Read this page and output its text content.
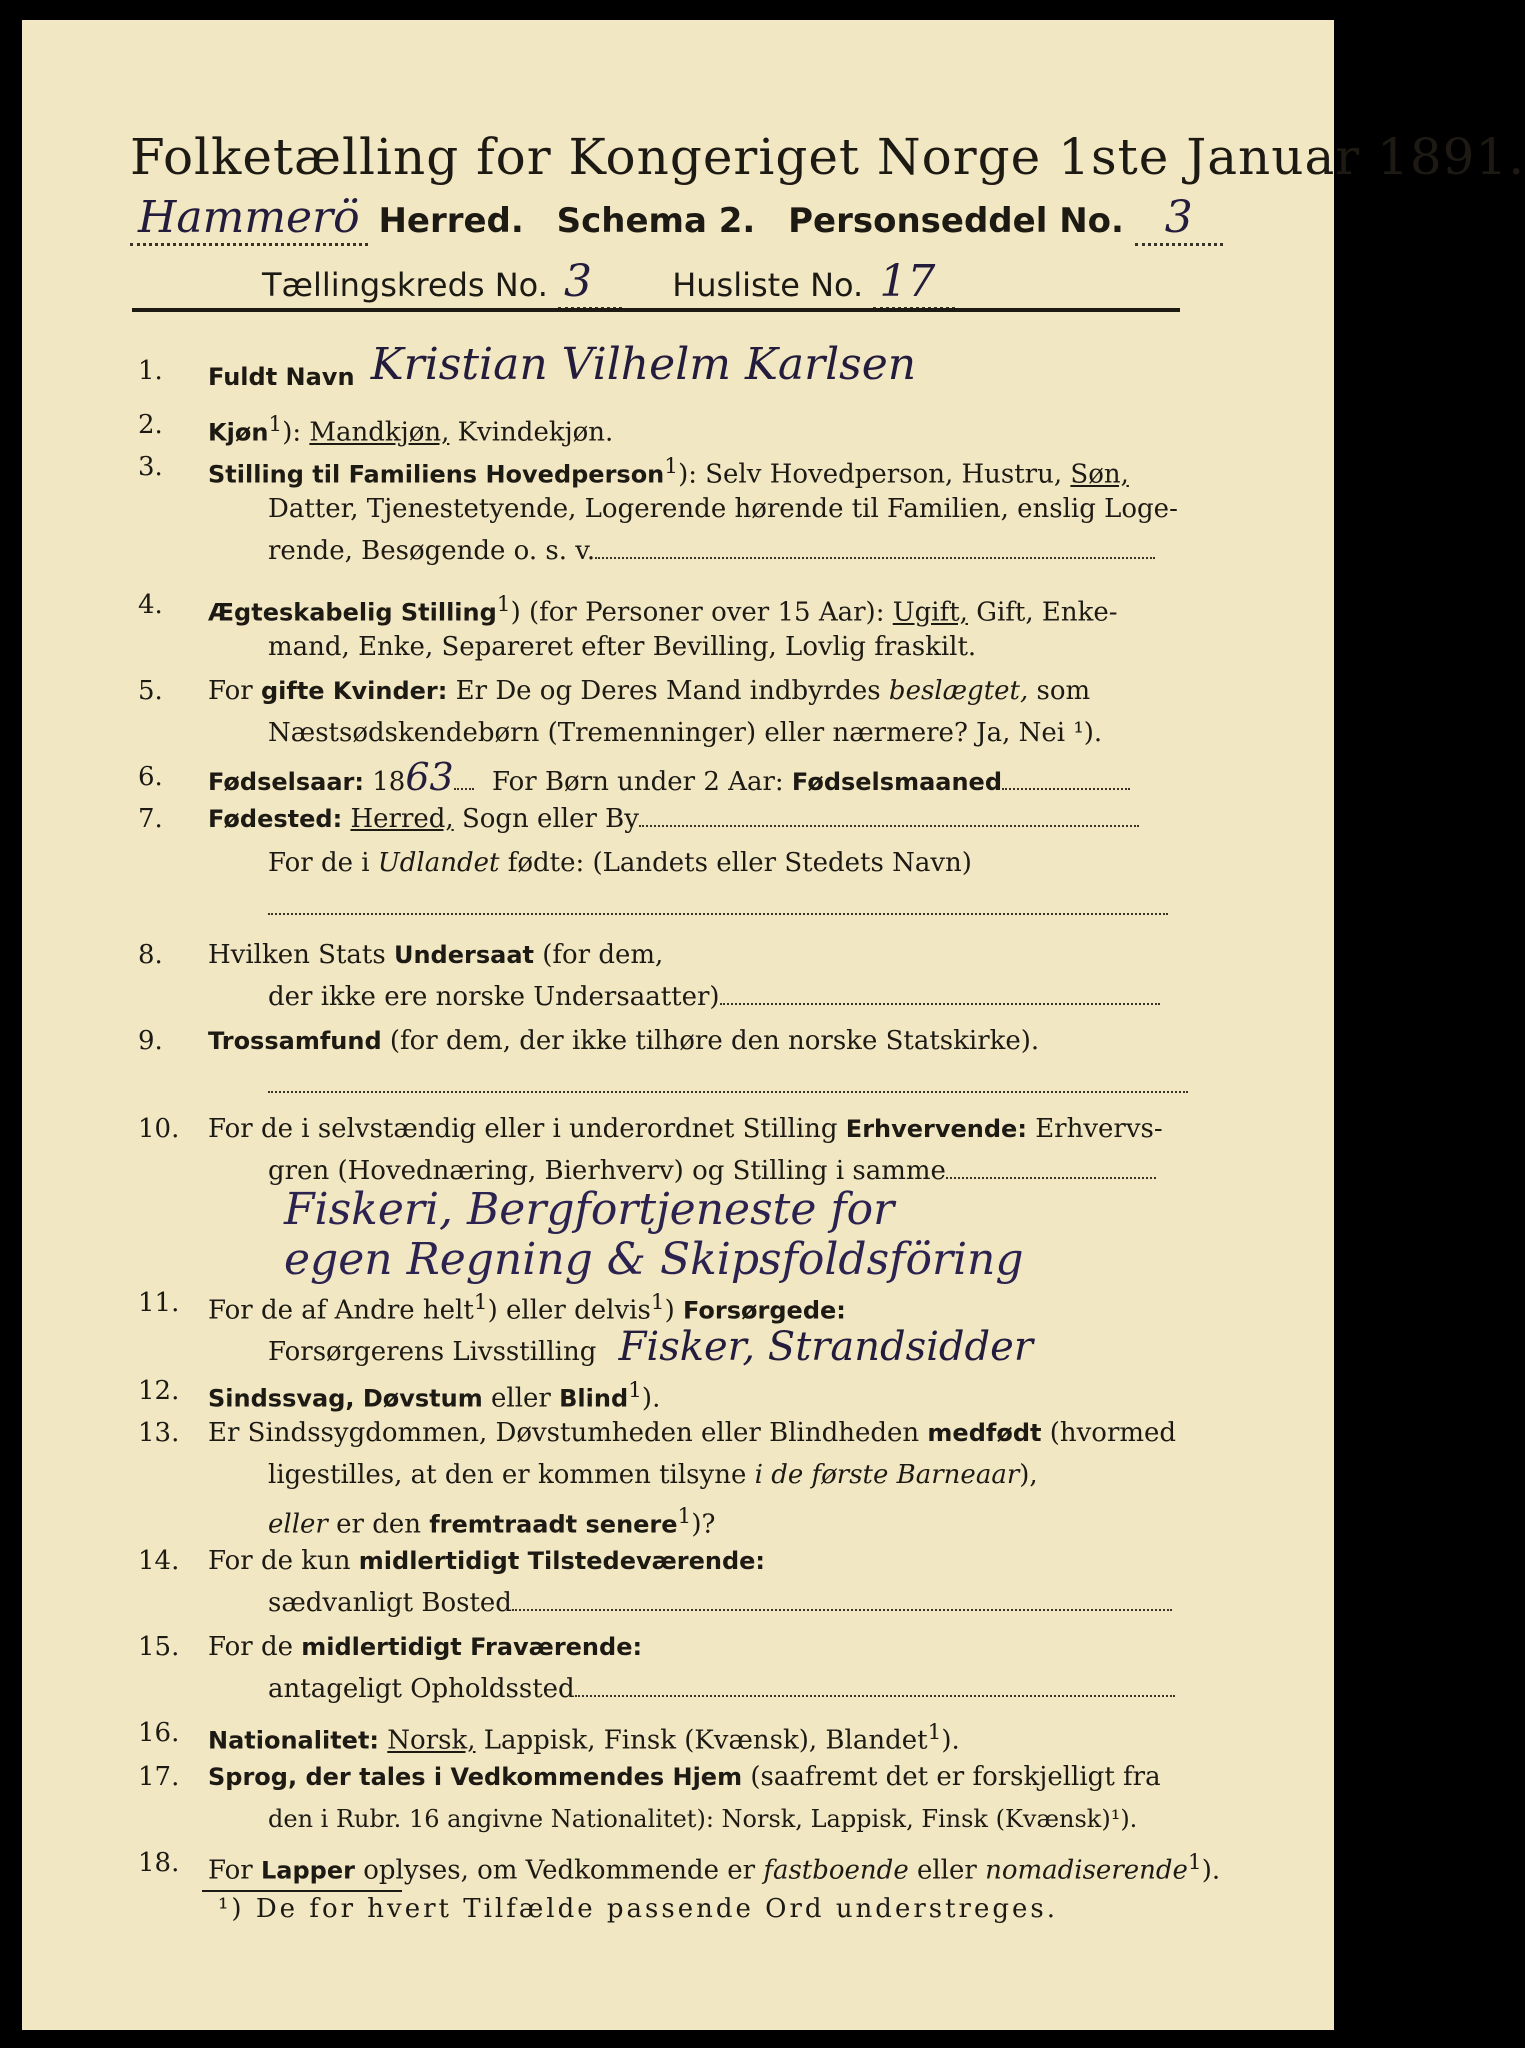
Folketælling for Kongeriget Norge 1ste Januar 1891.
Hammerö Herred. Schema 2. Personseddel No. 3
Tællingskreds No. 3	Husliste No. 17
1.	Fuldt Navn Kristian Vilhelm Karlsen
2.	Kjøn$^1$): Mandkjøn, Kvindekjøn.
3.	Stilling til Familiens Hovedperson$^1$): Selv Hovedperson, Hustru, Søn,
Datter, Tjenestetyende, Logerende hørende til Familien, enslig Loge-
rende, Besøgende o. s. v.
4.	Ægteskabelig Stilling$^1$) (for Personer over 15 Aar): Ugift, Gift, Enke-
mand, Enke, Separeret efter Bevilling, Lovlig fraskilt.
5.	For gifte Kvinder: Er De og Deres Mand indbyrdes beslægtet, som
Næstsødskendebørn (Tremenninger) eller nærmere? Ja, Nei ¹).
6.	Fødselsaar: 1863 For Børn under 2 Aar: Fødselsmaaned
7.	Fødested: Herred, Sogn eller By
For de i Udlandet fødte: (Landets eller Stedets Navn)
8.	Hvilken Stats Undersaat (for dem,
der ikke ere norske Undersaatter)
9.	Trossamfund (for dem, der ikke tilhøre den norske Statskirke).
10.	For de i selvstændig eller i underordnet Stilling Erhvervende: Erhvervs-
gren (Hovednæring, Bierhverv) og Stilling i samme
Fiskeri, Bergfortjeneste for
egen Regning & Skipsfoldsföring
11.	For de af Andre helt$^1$) eller delvis$^1$) Forsørgede:
Forsørgerens Livsstilling Fisker, Strandsidder
12.	Sindssvag, Døvstum eller Blind$^1$).
13.	Er Sindssygdommen, Døvstumheden eller Blindheden medfødt (hvormed
ligestilles, at den er kommen tilsyne i de første Barneaar),
eller er den fremtraadt senere$^1$)?
14.	For de kun midlertidigt Tilstedeværende:
sædvanligt Bosted
15.	For de midlertidigt Fraværende:
antageligt Opholdssted
16.	Nationalitet: Norsk, Lappisk, Finsk (Kvænsk), Blandet$^1$).
17.	Sprog, der tales i Vedkommendes Hjem (saafremt det er forskjelligt fra
den i Rubr. 16 angivne Nationalitet): Norsk, Lappisk, Finsk (Kvænsk)¹).
18.	For Lapper oplyses, om Vedkommende er fastboende eller nomadiserende$^1$).
¹) De for hvert Tilfælde passende Ord understreges.
